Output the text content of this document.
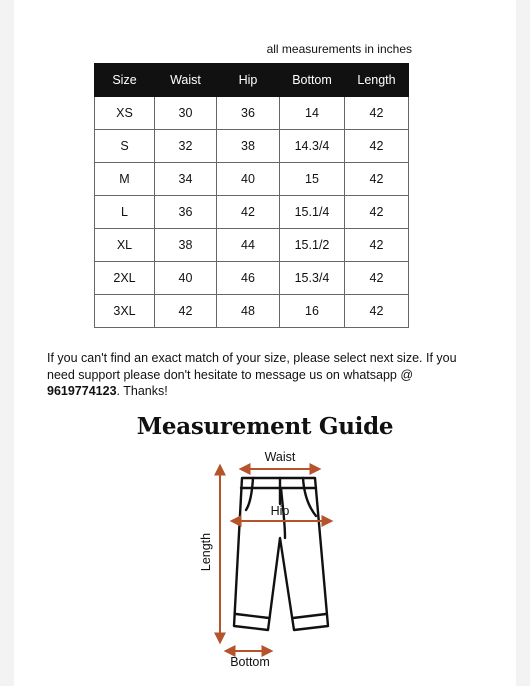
all measurements in inches
Size	Waist	Hip	Bottom	Length
XS	30	36	14	42
S	32	38	14.3/4	42
M	34	40	15	42
L	36	42	15.1/4	42
XL	38	44	15.1/2	42
2XL	40	46	15.3/4	42
3XL	42	48	16	42
If you can't find an exact match of your size, please select next size. If you need support please don't hesitate to message us on whatsapp @ 9619774123. Thanks!
Measurement Guide
Waist
Hip
Length
Bottom
